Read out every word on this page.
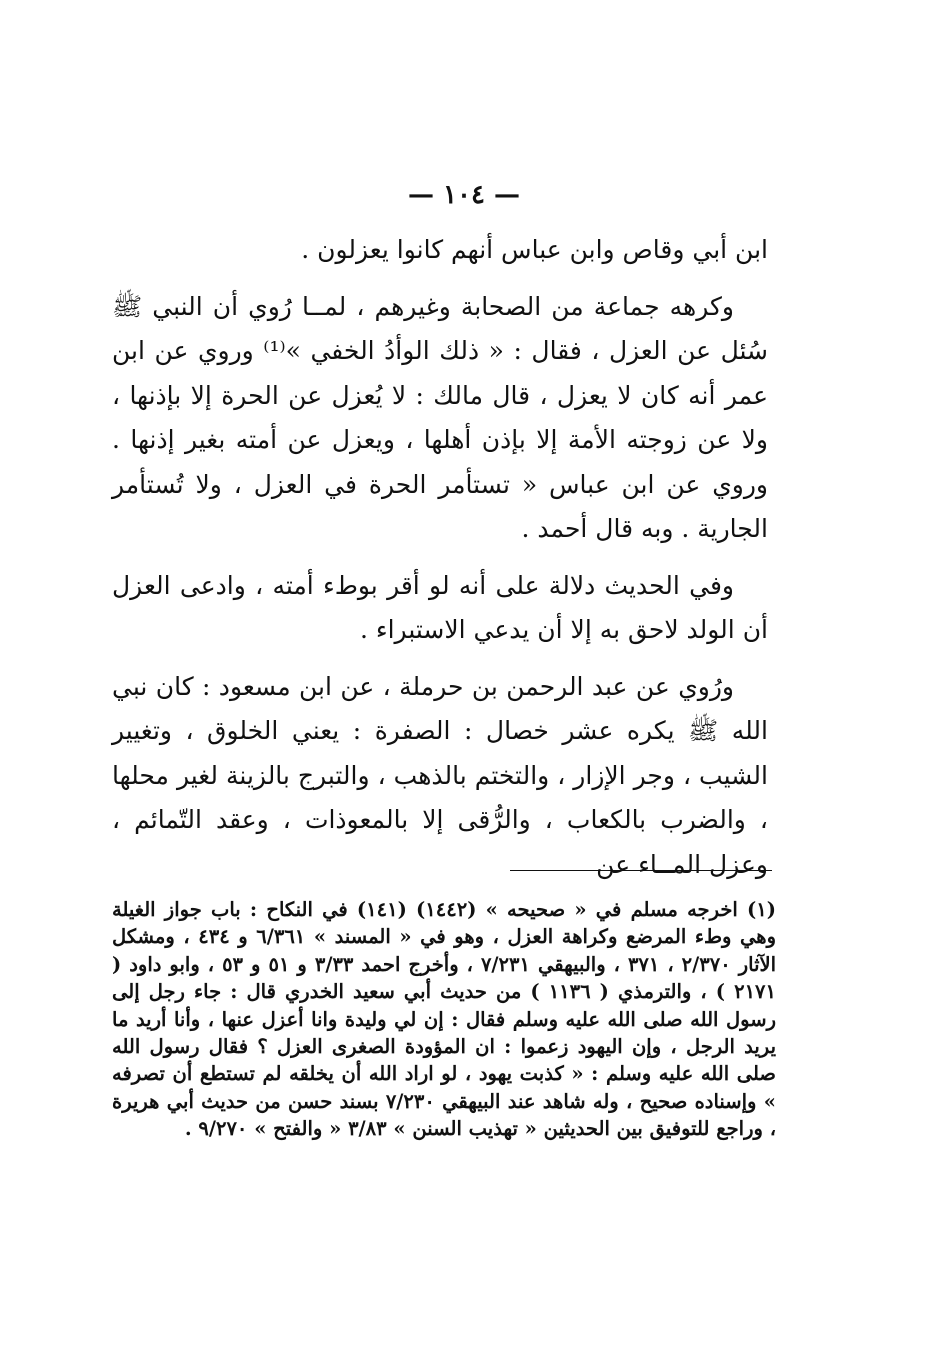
— ١٠٤ —

ابن أبي وقاص وابن عباس أنهم كانوا يعزلون .

وكرهه جماعة من الصحابة وغيرهم ، لمــا رُوي أن النبي ﷺ سُئل عن العزل ، فقال : « ذلك الوأدُ الخفي »⁽¹⁾ وروي عن ابن عمر أنه كان لا يعزل ، قال مالك : لا يُعزل عن الحرة إلا بإذنها ، ولا عن زوجته الأمة إلا بإذن أهلها ، ويعزل عن أمته بغير إذنها . وروي عن ابن عباس « تستأمر الحرة في العزل ، ولا تُستأمر الجارية . وبه قال أحمد .

وفي الحديث دلالة على أنه لو أقر بوطء أمته ، وادعى العزل أن الولد لاحق به إلا أن يدعي الاستبراء .

ورُوي عن عبد الرحمن بن حرملة ، عن ابن مسعود : كان نبي الله ﷺ يكره عشر خصال : الصفرة : يعني الخلوق ، وتغيير الشيب ، وجر الإزار ، والتختم بالذهب ، والتبرج بالزينة لغير محلها ، والضرب بالكعاب ، والرُّقى إلا بالمعوذات ، وعقد التّمائم ، وعزل المــاء عن

(١) اخرجه مسلم في « صحيحه » (١٤٤٢) (١٤١) في النكاح : باب جواز الغيلة وهي وطء المرضع وكراهة العزل ، وهو في « المسند » ٦/٣٦١ و ٤٣٤ ، ومشكل الآثار ٢/٣٧٠ ، ٣٧١ ، والبيهقي ٧/٢٣١ ، وأخرج احمد ٣/٣٣ و ٥١ و ٥٣ ، وابو داود ( ٢١٧١ ) ، والترمذي ( ١١٣٦ ) من حديث أبي سعيد الخدري قال : جاء رجل إلى رسول الله صلى الله عليه وسلم فقال : إن لي وليدة وانا أعزل عنها ، وأنا أريد ما يريد الرجل ، وإن اليهود زعموا : ان المؤودة الصغرى العزل ؟ فقال رسول الله صلى الله عليه وسلم : « كذبت يهود ، لو اراد الله أن يخلقه لم تستطع أن تصرفه » وإسناده صحيح ، وله شاهد عند البيهقي ٧/٢٣٠ بسند حسن من حديث أبي هريرة ، وراجع للتوفيق بين الحديثين « تهذيب السنن » ٣/٨٣ « والفتح » ٩/٢٧٠ .
